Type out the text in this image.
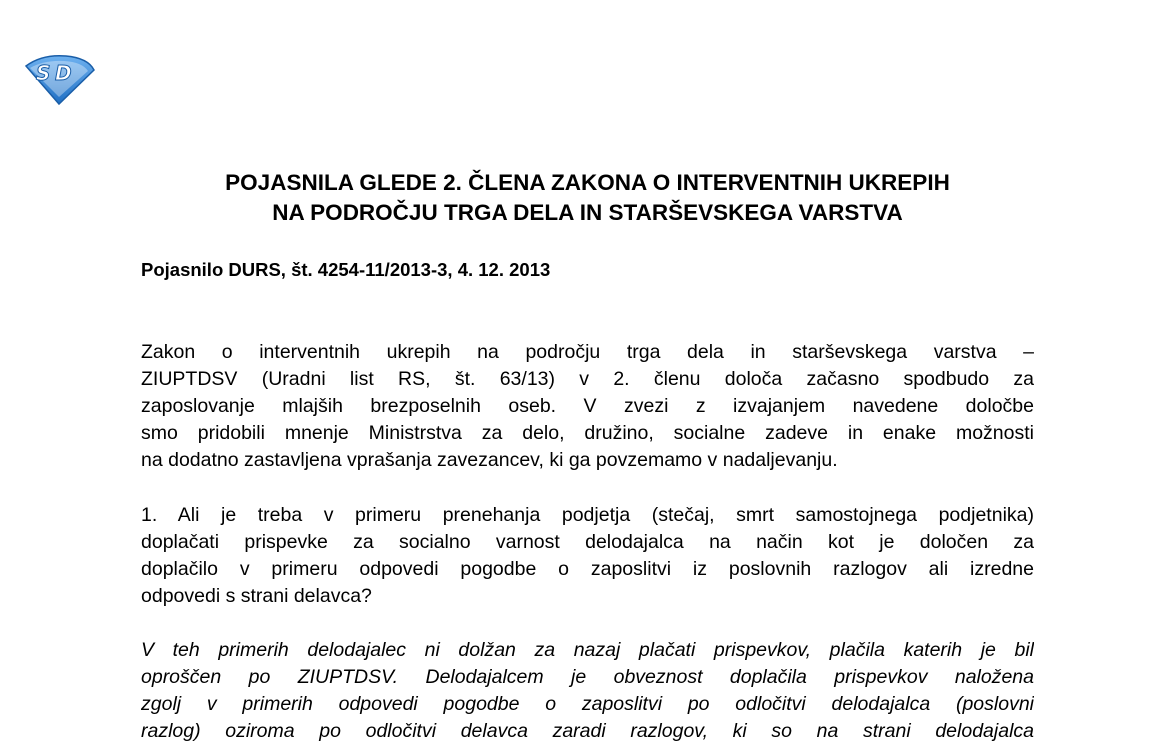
S D
POJASNILA GLEDE 2. ČLENA ZAKONA O INTERVENTNIH UKREPIH
NA PODROČJU TRGA DELA IN STARŠEVSKEGA VARSTVA
Pojasnilo DURS, št. 4254-11/2013-3, 4. 12. 2013
Zakon o interventnih ukrepih na področju trga dela in starševskega varstva –
ZIUPTDSV (Uradni list RS, št. 63/13) v 2. členu določa začasno spodbudo za
zaposlovanje mlajših brezposelnih oseb. V zvezi z izvajanjem navedene določbe
smo pridobili mnenje Ministrstva za delo, družino, socialne zadeve in enake možnosti
na dodatno zastavljena vprašanja zavezancev, ki ga povzemamo v nadaljevanju.
1. Ali je treba v primeru prenehanja podjetja (stečaj, smrt samostojnega podjetnika)
doplačati prispevke za socialno varnost delodajalca na način kot je določen za
doplačilo v primeru odpovedi pogodbe o zaposlitvi iz poslovnih razlogov ali izredne
odpovedi s strani delavca?
V teh primerih delodajalec ni dolžan za nazaj plačati prispevkov, plačila katerih je bil
oproščen po ZIUPTDSV. Delodajalcem je obveznost doplačila prispevkov naložena
zgolj v primerih odpovedi pogodbe o zaposlitvi po odločitvi delodajalca (poslovni
razlog) oziroma po odločitvi delavca zaradi razlogov, ki so na strani delodajalca
